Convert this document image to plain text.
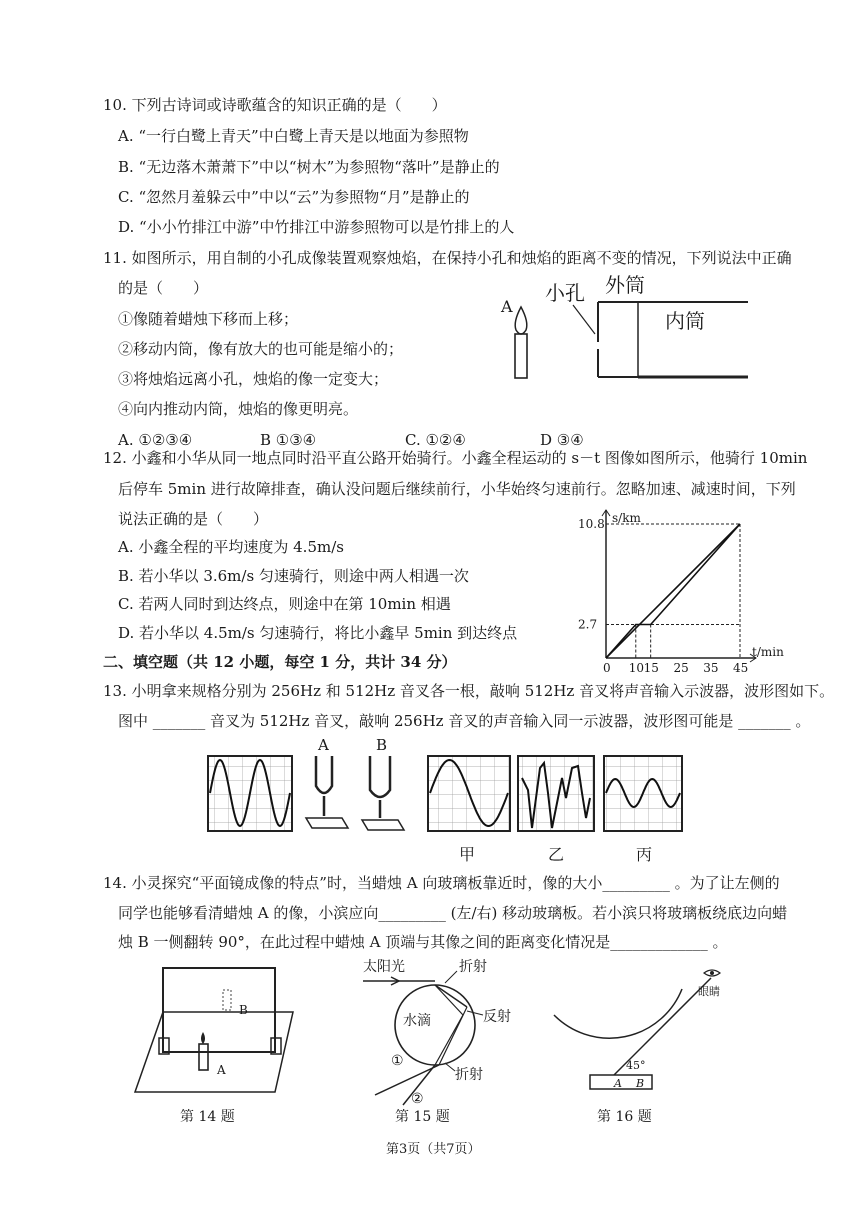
10. 下列古诗词或诗歌蕴含的知识正确的是（　　）
A. “一行白鹭上青天”中白鹭上青天是以地面为参照物
B. “无边落木萧萧下”中以“树木”为参照物“落叶”是静止的
C. “忽然月羞躲云中”中以“云”为参照物“月”是静止的
D. “小小竹排江中游”中竹排江中游参照物可以是竹排上的人
11. 如图所示，用自制的小孔成像装置观察烛焰，在保持小孔和烛焰的距离不变的情况，下列说法中正确
的是（　　）
①像随着蜡烛下移而上移；
②移动内筒，像有放大的也可能是缩小的；
③将烛焰远离小孔，烛焰的像一定变大；
④向内推动内筒，烛焰的像更明亮。
A. ①②③④	B ①③④	C. ①②④	D ③④
A
小孔 外筒
内筒
12. 小鑫和小华从同一地点同时沿平直公路开始骑行。小鑫全程运动的 s－t 图像如图所示，他骑行 10min
后停车 5min 进行故障排查，确认没问题后继续前行，小华始终匀速前行。忽略加速、减速时间，下列
说法正确的是（　　）
A. 小鑫全程的平均速度为 4.5m/s
B. 若小华以 3.6m/s 匀速骑行，则途中两人相遇一次
C. 若两人同时到达终点，则途中在第 10min 相遇
D. 若小华以 4.5m/s 匀速骑行，将比小鑫早 5min 到达终点
t/min
s/km
0 10 15 25 35 45
2.7
10.8
二、填空题（共 12 小题，每空 1 分，共计 34 分）
13. 小明拿来规格分别为 256Hz 和 512Hz 音叉各一根，敲响 512Hz 音叉将声音输入示波器，波形图如下。
图中 _______ 音叉为 512Hz 音叉，敲响 256Hz 音叉的声音输入同一示波器，波形图可能是 _______ 。
A	B
甲	乙	丙
14. 小灵探究“平面镜成像的特点”时，当蜡烛 A 向玻璃板靠近时，像的大小_________ 。为了让左侧的
同学也能够看清蜡烛 A 的像，小滨应向_________ (左/右) 移动玻璃板。若小滨只将玻璃板绕底边向蜡
烛 B 一侧翻转 90°，在此过程中蜡烛 A 顶端与其像之间的距离变化情况是_____________ 。
B
A
第 14 题
太阳光
水滴
折射
反射
折射
①
②
第 15 题
A B
45°
眼睛
第 16 题
第3页（共7页）
